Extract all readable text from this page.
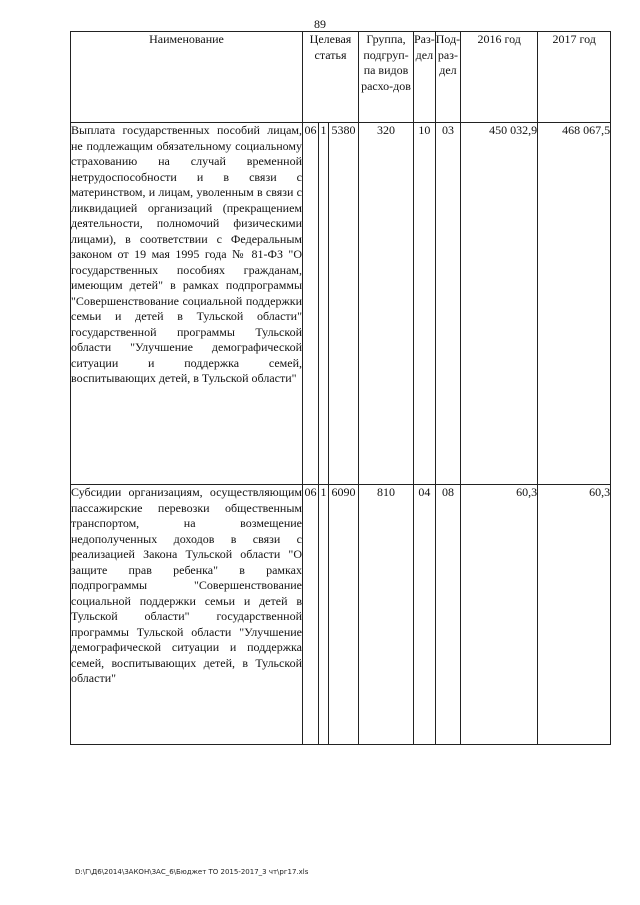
89
Наименование	Целевая статья			Группа, подгруп-па видов расхо-дов	Раз-дел	Под-раз-дел	2016 год	2017 год
Выплата государственных пособий лицам, не подлежащим обязательному социальному страхованию на случай временной нетрудоспособности и в связи с материнством, и лицам, уволенным в связи с ликвидацией организаций (прекращением деятельности, полномочий физическими лицами), в соответствии с Федеральным законом от 19 мая 1995 года № 81-ФЗ "О государственных пособиях гражданам, имеющим детей" в рамках подпрограммы "Совершенствование социальной поддержки семьи и детей в Тульской области" государственной программы Тульской области "Улучшение демографической ситуации и поддержка семей, воспитывающих детей, в Тульской области"	06	1	5380	320	10	03	450 032,9	468 067,5
Субсидии организациям, осуществляющим пассажирские перевозки общественным транспортом, на возмещение недополученных доходов в связи с реализацией Закона Тульской области "О защите прав ребенка" в рамках подпрограммы "Совершенствование социальной поддержки семьи и детей в Тульской области" государственной программы Тульской области "Улучшение демографической ситуации и поддержка семей, воспитывающих детей, в Тульской области"	06	1	6090	810	04	08	60,3	60,3
D:\Г\Д6\2014\ЗАКОН\ЗАС_6\Бюджет ТО 2015-2017_3 чт\рг17.xls
